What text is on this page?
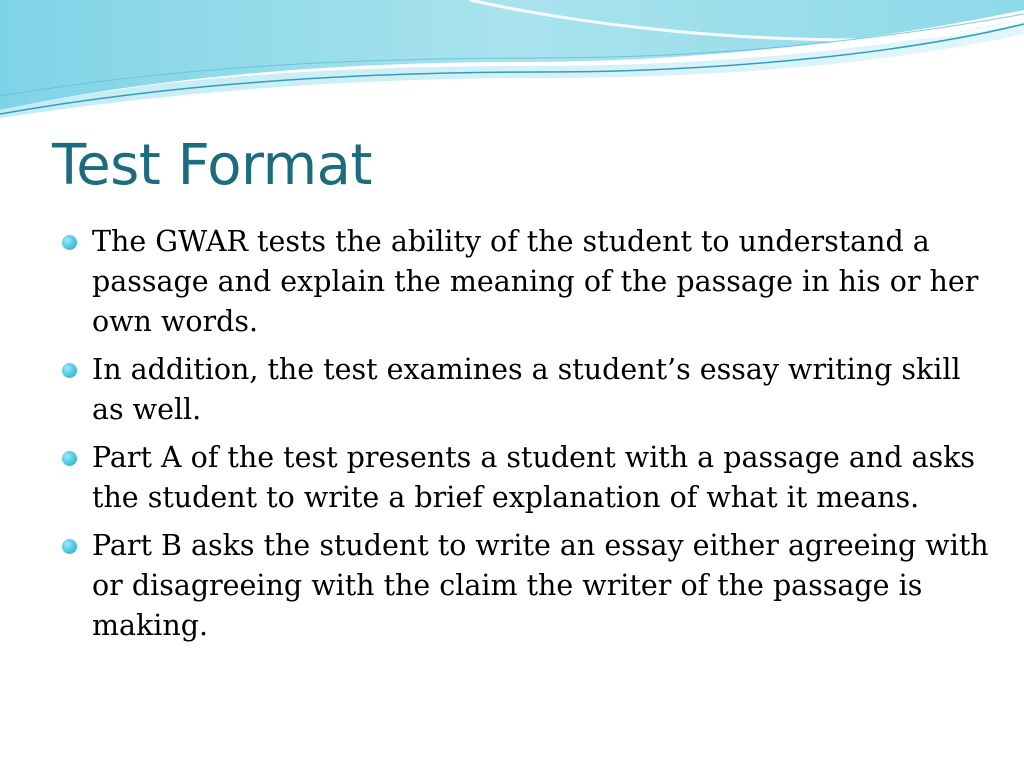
Test Format
The GWAR tests the ability of the student to understand a passage and explain the meaning of the passage in his or her own words.
In addition, the test examines a student’s essay writing skill as well.
Part A of the test presents a student with a passage and asks the student to write a brief explanation of what it means.
Part B asks the student to write an essay either agreeing with or disagreeing with the claim the writer of the passage is making.
